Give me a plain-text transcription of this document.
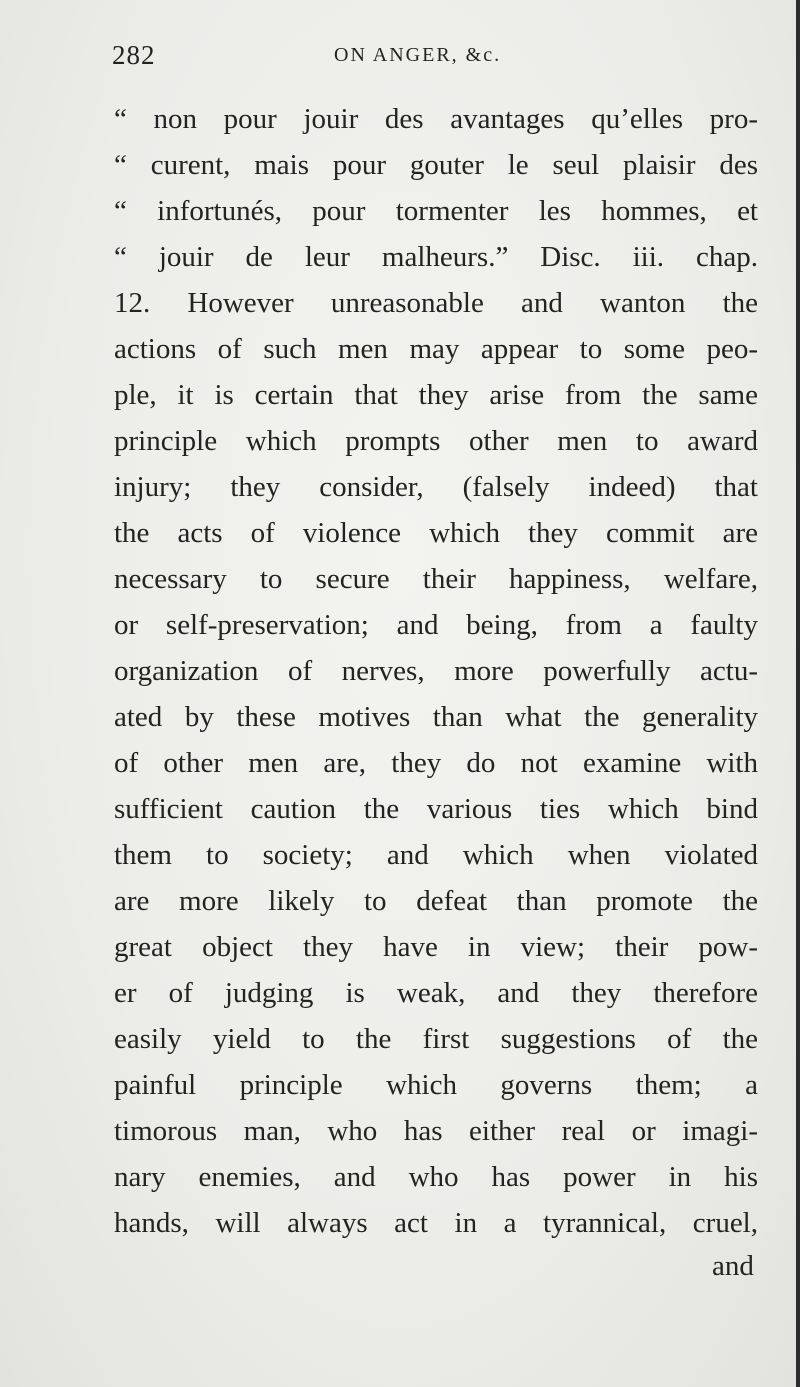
282	ON ANGER, &c.
“ non pour jouir des avantages qu’elles pro-
“ curent, mais pour gouter le seul plaisir des
“ infortunés, pour tormenter les hommes, et
“ jouir de leur malheurs.” Disc. iii. chap.
12. However unreasonable and wanton the
actions of such men may appear to some peo-
ple, it is certain that they arise from the same
principle which prompts other men to award
injury; they consider, (falsely indeed) that
the acts of violence which they commit are
necessary to secure their happiness, welfare,
or self-preservation; and being, from a faulty
organization of nerves, more powerfully actu-
ated by these motives than what the generality
of other men are, they do not examine with
sufficient caution the various ties which bind
them to society; and which when violated
are more likely to defeat than promote the
great object they have in view; their pow-
er of judging is weak, and they therefore
easily yield to the first suggestions of the
painful principle which governs them; a
timorous man, who has either real or imagi-
nary enemies, and who has power in his
hands, will always act in a tyrannical, cruel,
and
